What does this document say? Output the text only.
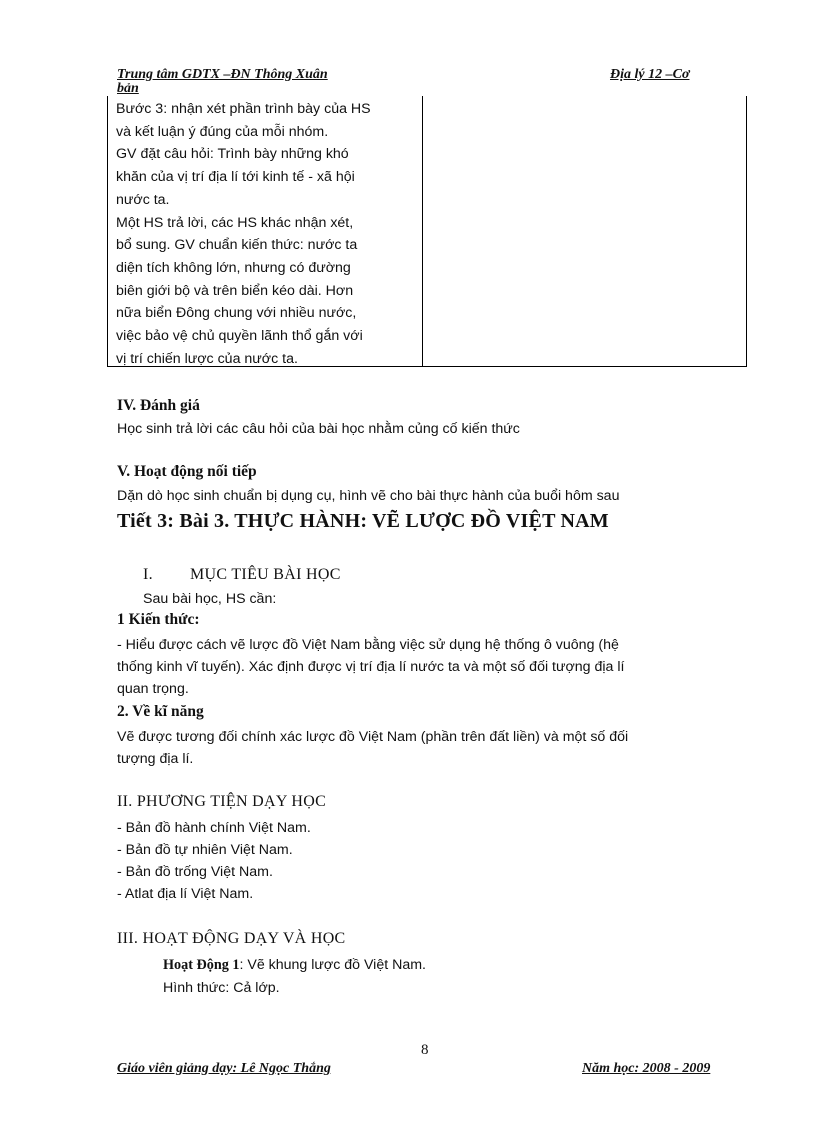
Trung tâm GDTX –ĐN Thông Xuân
bản
Địa lý 12 –Cơ
Bước 3: nhận xét phần trình bày của HS
và kết luận ý đúng của mỗi nhóm.
GV đặt câu hỏi: Trình bày những khó
khăn của vị trí địa lí tới kinh tế - xã hội
nước ta.
Một HS trả lời, các HS khác nhận xét,
bổ sung. GV chuẩn kiến thức: nước ta
diện tích không lớn, nhưng có đường
biên giới bộ và trên biển kéo dài. Hơn
nữa biển Đông chung với nhiều nước,
việc bảo vệ chủ quyền lãnh thổ gắn với
vị trí chiến lược của nước ta.
IV. Đánh giá
Học sinh trả lời các câu hỏi của bài học nhằm củng cố kiến thức
V. Hoạt động nối tiếp
Dặn dò học sinh chuẩn bị dụng cụ, hình vẽ cho bài thực hành của buổi hôm sau
Tiết 3: Bài 3. THỰC HÀNH: VẼ LƯỢC ĐỒ VIỆT NAM
I. MỤC TIÊU BÀI HỌC
Sau bài học, HS cần:
1 Kiến thức:
- Hiểu được cách vẽ lược đồ Việt Nam bằng việc sử dụng hệ thống ô vuông (hệ
thống kinh vĩ tuyến). Xác định được vị trí địa lí nước ta và một số đối tượng địa lí
quan trọng.
2. Về kĩ năng
Vẽ được tương đối chính xác lược đồ Việt Nam (phần trên đất liền) và một số đối
tượng địa lí.
II. PHƯƠNG TIỆN DẠY HỌC
- Bản đồ hành chính Việt Nam.
- Bản đồ tự nhiên Việt Nam.
- Bản đồ trống Việt Nam.
- Atlat địa lí Việt Nam.
III. HOẠT ĐỘNG DẠY VÀ HỌC
Hoạt Động 1: Vẽ khung lược đồ Việt Nam.
Hình thức: Cả lớp.
8
Giáo viên giảng dạy: Lê Ngọc Thắng	Năm học: 2008 - 2009
